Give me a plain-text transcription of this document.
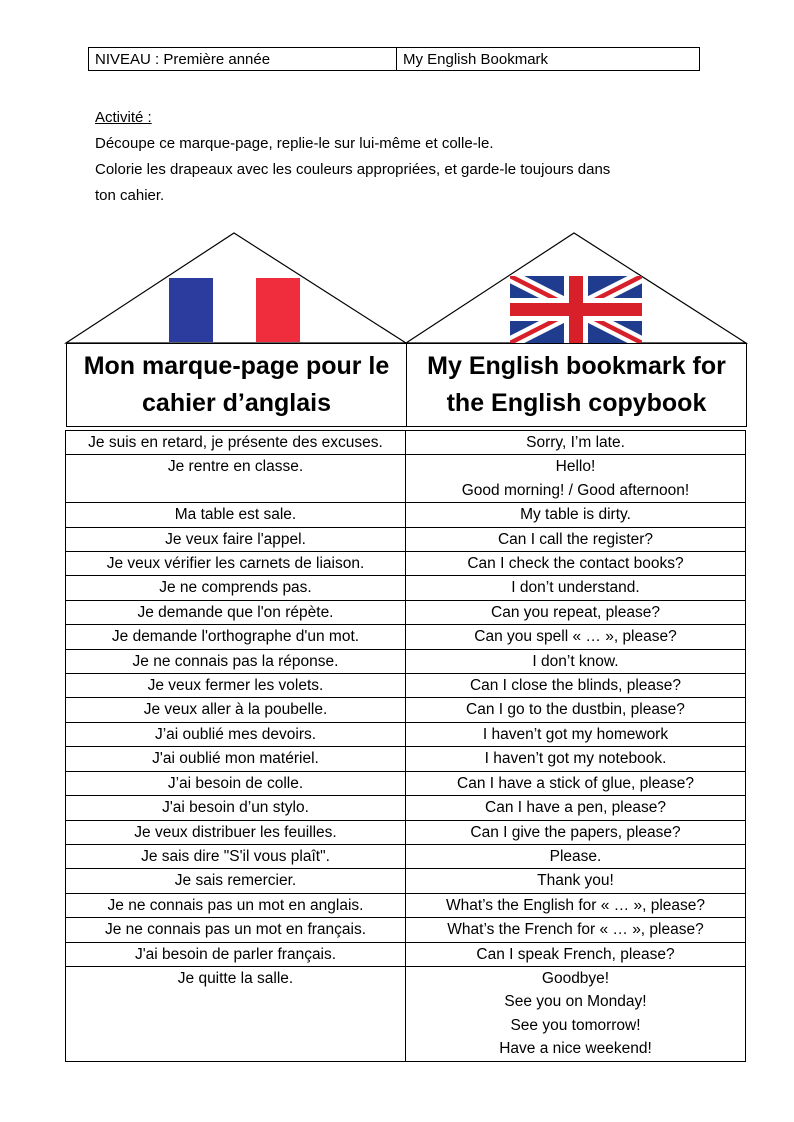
NIVEAU : Première année	My English Bookmark
Activité :
Découpe ce marque-page, replie-le sur lui-même et colle-le.
Colorie les drapeaux avec les couleurs appropriées, et garde-le toujours dans
ton cahier.
Mon marque-page pour le
cahier d’anglais
My English bookmark for
the English copybook
Je suis en retard, je présente des excuses.	Sorry, I’m late.
Je rentre en classe.	Hello!
Good morning! / Good afternoon!
Ma table est sale.	My table is dirty.
Je veux faire l'appel.	Can I call the register?
Je veux vérifier les carnets de liaison.	Can I check the contact books?
Je ne comprends pas.	I don’t understand.
Je demande que l'on répète.	Can you repeat, please?
Je demande l'orthographe d'un mot.	Can you spell « … », please?
Je ne connais pas la réponse.	I don’t know.
Je veux fermer les volets.	Can I close the blinds, please?
Je veux aller à la poubelle.	Can I go to the dustbin, please?
J’ai oublié mes devoirs.	I haven’t got my homework
J'ai oublié mon matériel.	I haven’t got my notebook.
J’ai besoin de colle.	Can I have a stick of glue, please?
J'ai besoin d’un stylo.	Can I have a pen, please?
Je veux distribuer les feuilles.	Can I give the papers, please?
Je sais dire "S'il vous plaît".	Please.
Je sais remercier.	Thank you!
Je ne connais pas un mot en anglais.	What’s the English for « … », please?
Je ne connais pas un mot en français.	What’s the French for « … », please?
J'ai besoin de parler français.	Can I speak French, please?
Je quitte la salle.	Goodbye!
See you on Monday!
See you tomorrow!
Have a nice weekend!
